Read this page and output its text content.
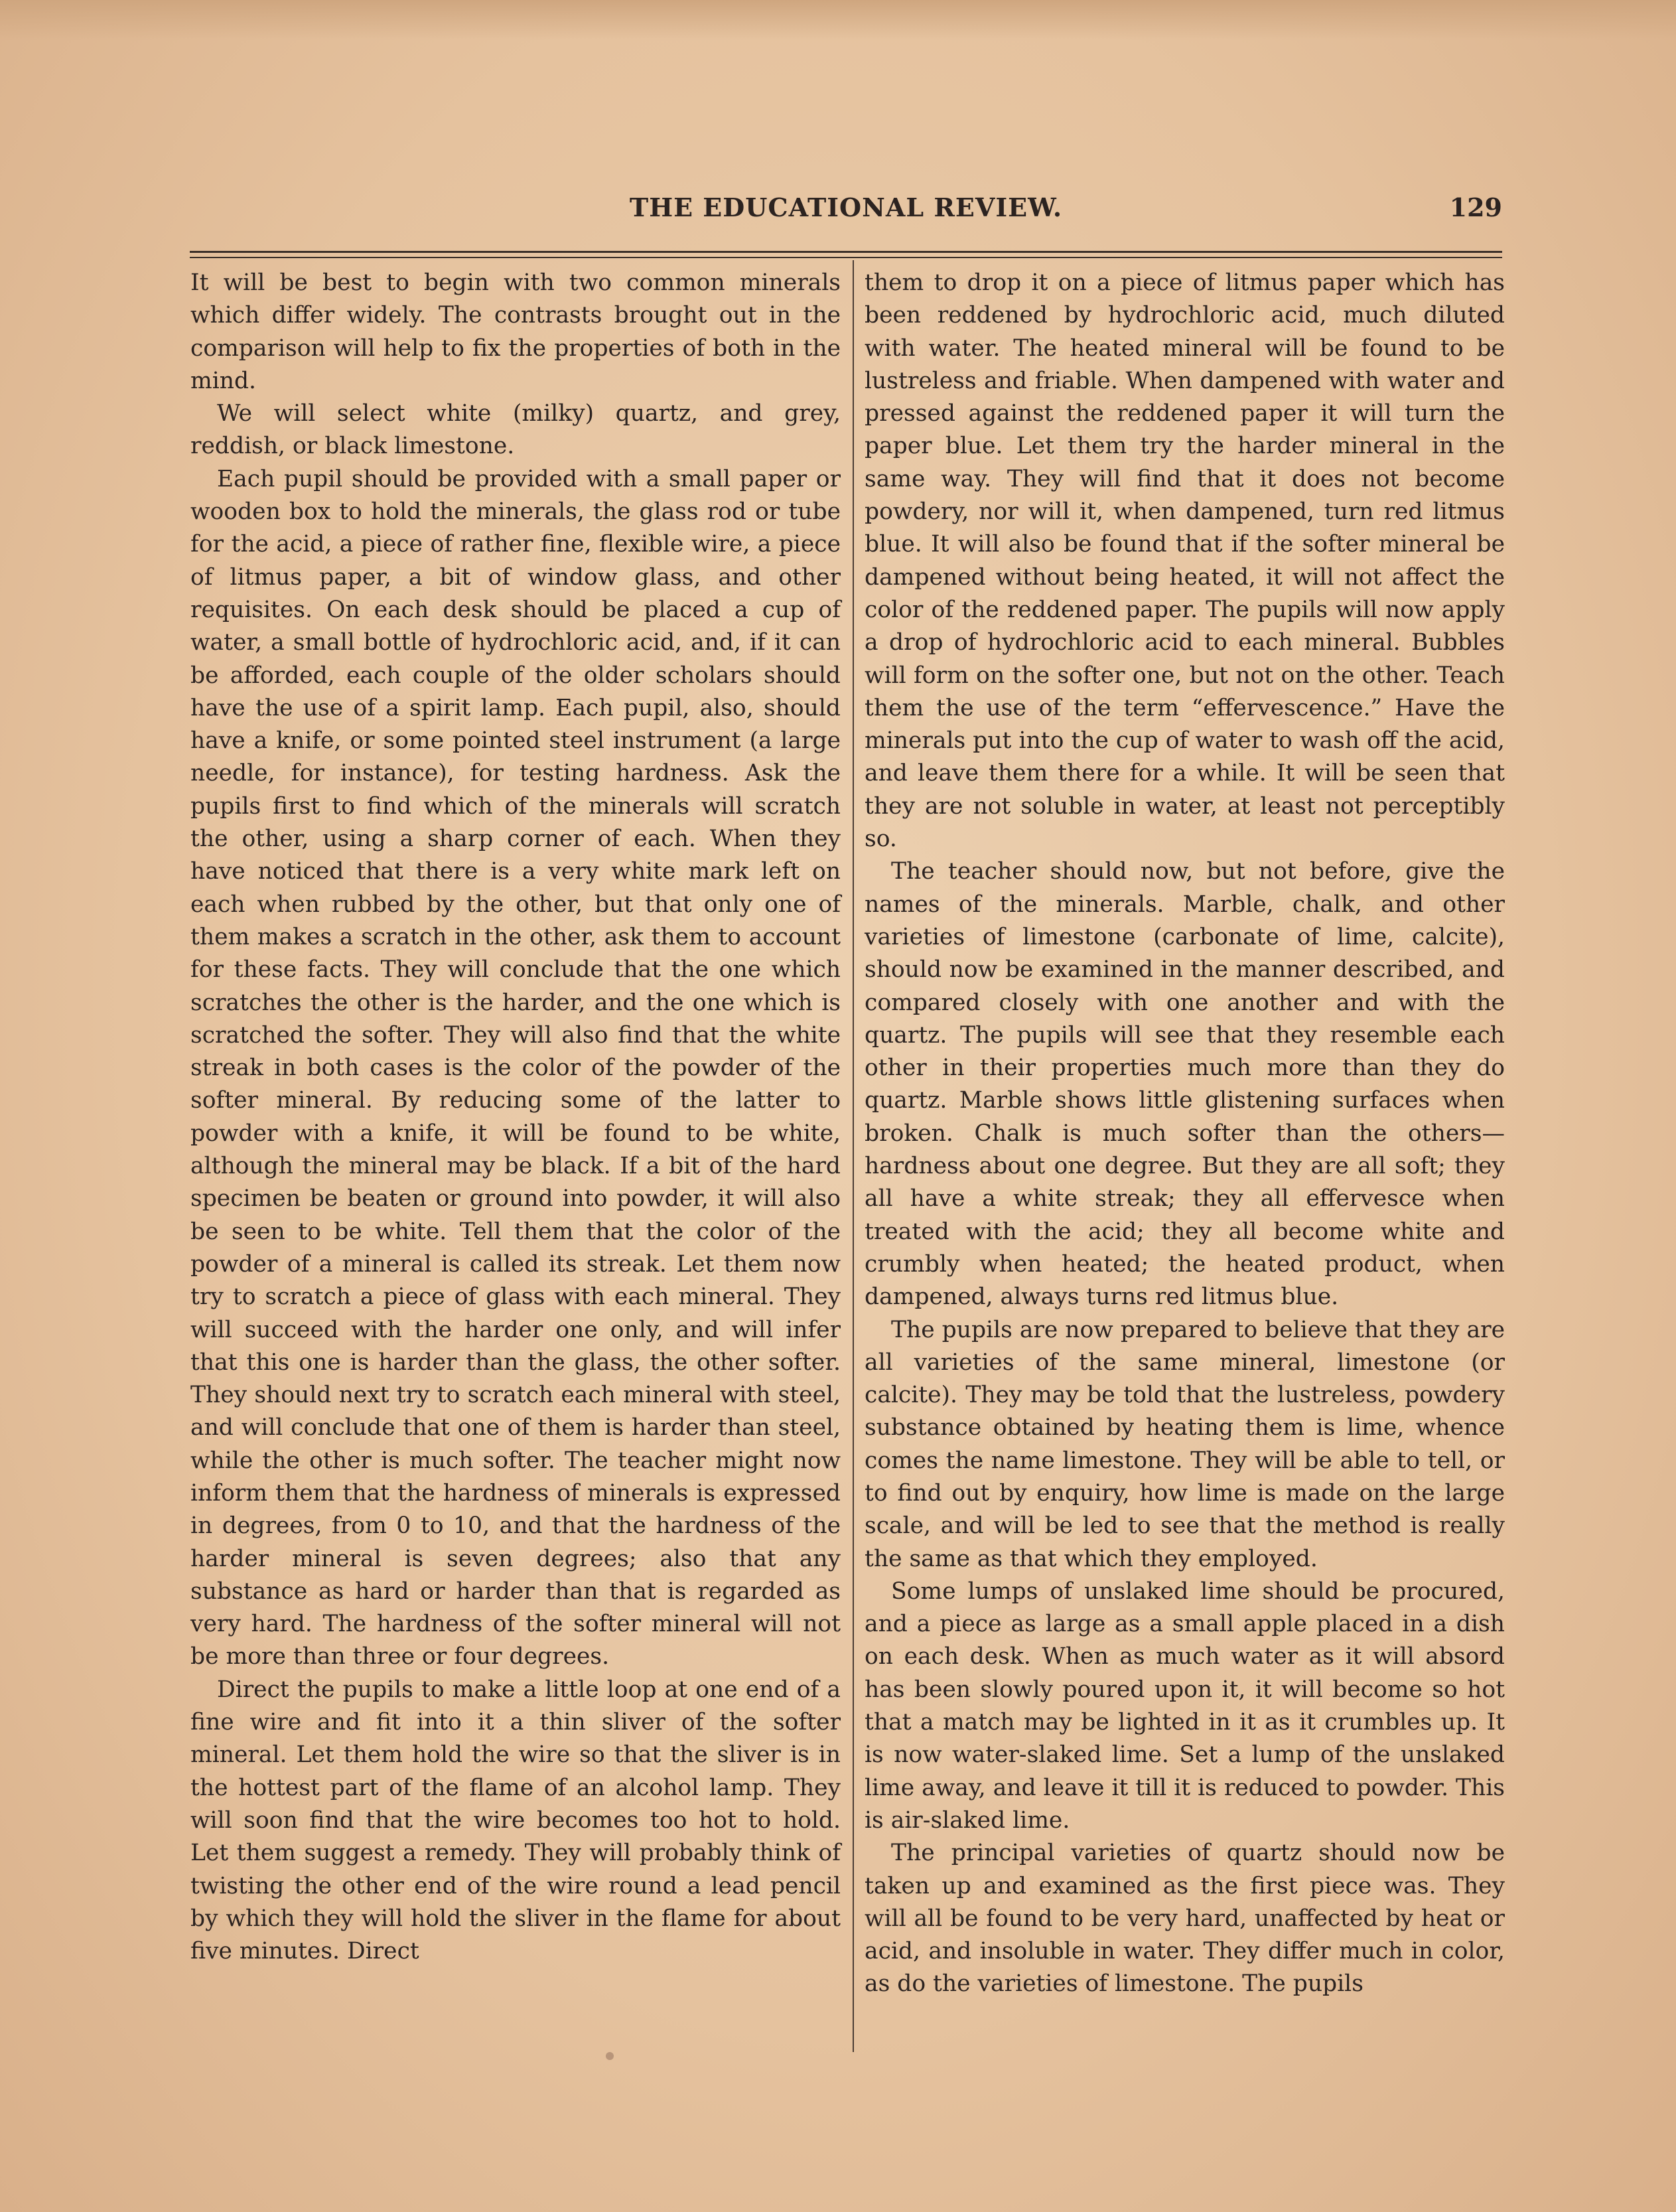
THE EDUCATIONAL REVIEW.	129

It will be best to begin with two common minerals which differ widely. The contrasts brought out in the comparison will help to fix the properties of both in the mind.

We will select white (milky) quartz, and grey, reddish, or black limestone.

Each pupil should be provided with a small paper or wooden box to hold the minerals, the glass rod or tube for the acid, a piece of rather fine, flexible wire, a piece of litmus paper, a bit of window glass, and other requisites. On each desk should be placed a cup of water, a small bottle of hydrochloric acid, and, if it can be afforded, each couple of the older scholars should have the use of a spirit lamp. Each pupil, also, should have a knife, or some pointed steel instrument (a large needle, for instance), for testing hardness. Ask the pupils first to find which of the minerals will scratch the other, using a sharp corner of each. When they have noticed that there is a very white mark left on each when rubbed by the other, but that only one of them makes a scratch in the other, ask them to account for these facts. They will conclude that the one which scratches the other is the harder, and the one which is scratched the softer. They will also find that the white streak in both cases is the color of the powder of the softer mineral. By reducing some of the latter to powder with a knife, it will be found to be white, although the mineral may be black. If a bit of the hard specimen be beaten or ground into powder, it will also be seen to be white. Tell them that the color of the powder of a mineral is called its streak. Let them now try to scratch a piece of glass with each mineral. They will succeed with the harder one only, and will infer that this one is harder than the glass, the other softer. They should next try to scratch each mineral with steel, and will conclude that one of them is harder than steel, while the other is much softer. The teacher might now inform them that the hardness of minerals is expressed in degrees, from 0 to 10, and that the hardness of the harder mineral is seven degrees; also that any substance as hard or harder than that is regarded as very hard. The hardness of the softer mineral will not be more than three or four degrees.

Direct the pupils to make a little loop at one end of a fine wire and fit into it a thin sliver of the softer mineral. Let them hold the wire so that the sliver is in the hottest part of the flame of an alcohol lamp. They will soon find that the wire becomes too hot to hold. Let them suggest a remedy. They will probably think of twisting the other end of the wire round a lead pencil by which they will hold the sliver in the flame for about five minutes. Direct

them to drop it on a piece of litmus paper which has been reddened by hydrochloric acid, much diluted with water. The heated mineral will be found to be lustreless and friable. When dampened with water and pressed against the reddened paper it will turn the paper blue. Let them try the harder mineral in the same way. They will find that it does not become powdery, nor will it, when dampened, turn red litmus blue. It will also be found that if the softer mineral be dampened without being heated, it will not affect the color of the reddened paper. The pupils will now apply a drop of hydrochloric acid to each mineral. Bubbles will form on the softer one, but not on the other. Teach them the use of the term “effervescence.” Have the minerals put into the cup of water to wash off the acid, and leave them there for a while. It will be seen that they are not soluble in water, at least not perceptibly so.

The teacher should now, but not before, give the names of the minerals. Marble, chalk, and other varieties of limestone (carbonate of lime, calcite), should now be examined in the manner described, and compared closely with one another and with the quartz. The pupils will see that they resemble each other in their properties much more than they do quartz. Marble shows little glistening surfaces when broken. Chalk is much softer than the others—hardness about one degree. But they are all soft; they all have a white streak; they all effervesce when treated with the acid; they all become white and crumbly when heated; the heated product, when dampened, always turns red litmus blue.

The pupils are now prepared to believe that they are all varieties of the same mineral, limestone (or calcite). They may be told that the lustreless, powdery substance obtained by heating them is lime, whence comes the name limestone. They will be able to tell, or to find out by enquiry, how lime is made on the large scale, and will be led to see that the method is really the same as that which they employed.

Some lumps of unslaked lime should be procured, and a piece as large as a small apple placed in a dish on each desk. When as much water as it will absord has been slowly poured upon it, it will become so hot that a match may be lighted in it as it crumbles up. It is now water-slaked lime. Set a lump of the unslaked lime away, and leave it till it is reduced to powder. This is air-slaked lime.

The principal varieties of quartz should now be taken up and examined as the first piece was. They will all be found to be very hard, unaffected by heat or acid, and insoluble in water. They differ much in color, as do the varieties of limestone. The pupils
